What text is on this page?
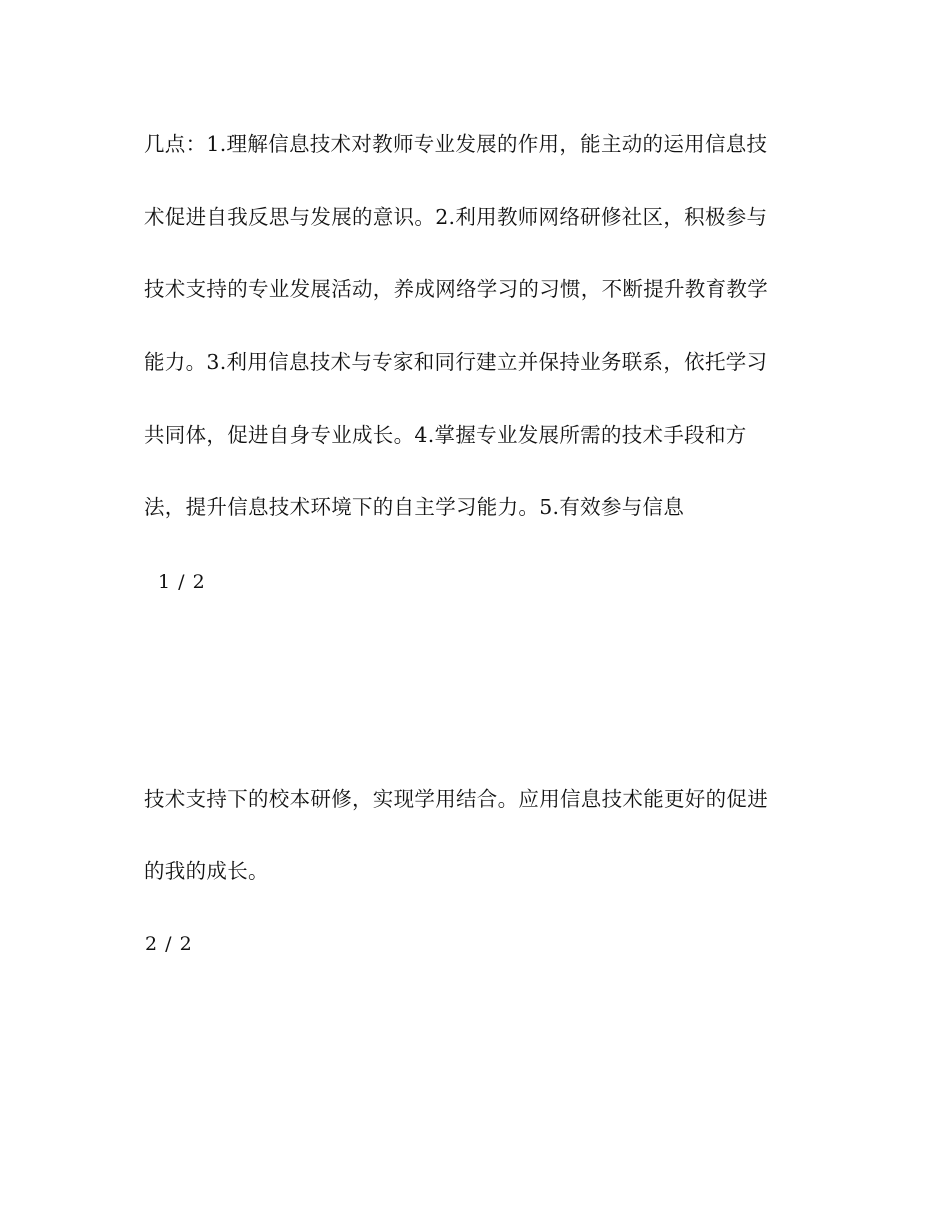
几点：1.理解信息技术对教师专业发展的作用，能主动的运用信息技
术促进自我反思与发展的意识。2.利用教师网络研修社区，积极参与
技术支持的专业发展活动，养成网络学习的习惯，不断提升教育教学
能力。3.利用信息技术与专家和同行建立并保持业务联系，依托学习
共同体，促进自身专业成长。4.掌握专业发展所需的技术手段和方
法，提升信息技术环境下的自主学习能力。5.有效参与信息
1 / 2
技术支持下的校本研修，实现学用结合。应用信息技术能更好的促进
的我的成长。
2 / 2
